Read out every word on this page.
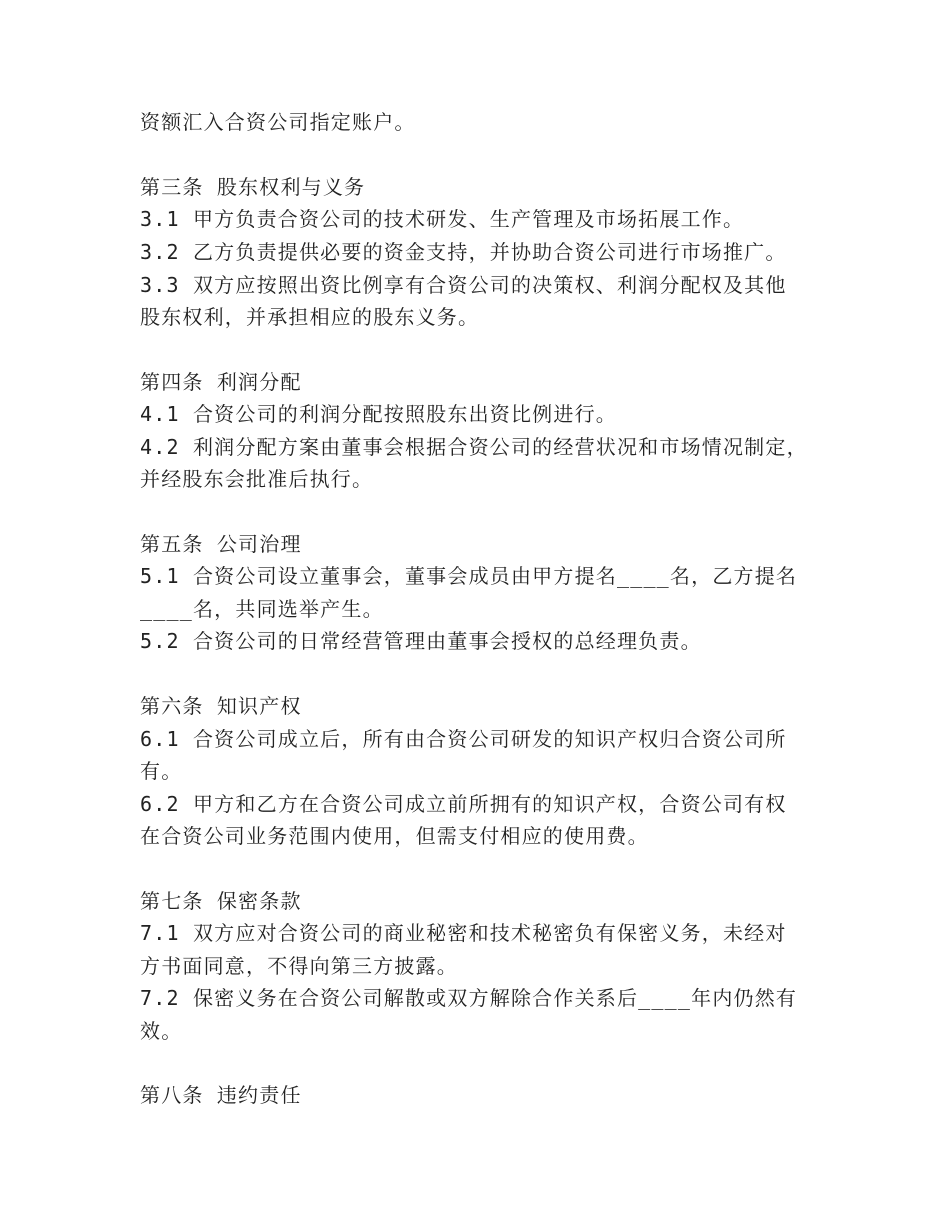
资额汇入合资公司指定账户。
第三条 股东权利与义务
3.1 甲方负责合资公司的技术研发、生产管理及市场拓展工作。
3.2 乙方负责提供必要的资金支持，并协助合资公司进行市场推广。
3.3 双方应按照出资比例享有合资公司的决策权、利润分配权及其他
股东权利，并承担相应的股东义务。
第四条 利润分配
4.1 合资公司的利润分配按照股东出资比例进行。
4.2 利润分配方案由董事会根据合资公司的经营状况和市场情况制定，
并经股东会批准后执行。
第五条 公司治理
5.1 合资公司设立董事会，董事会成员由甲方提名____名，乙方提名
____名，共同选举产生。
5.2 合资公司的日常经营管理由董事会授权的总经理负责。
第六条 知识产权
6.1 合资公司成立后，所有由合资公司研发的知识产权归合资公司所
有。
6.2 甲方和乙方在合资公司成立前所拥有的知识产权，合资公司有权
在合资公司业务范围内使用，但需支付相应的使用费。
第七条 保密条款
7.1 双方应对合资公司的商业秘密和技术秘密负有保密义务，未经对
方书面同意，不得向第三方披露。
7.2 保密义务在合资公司解散或双方解除合作关系后____年内仍然有
效。
第八条 违约责任
